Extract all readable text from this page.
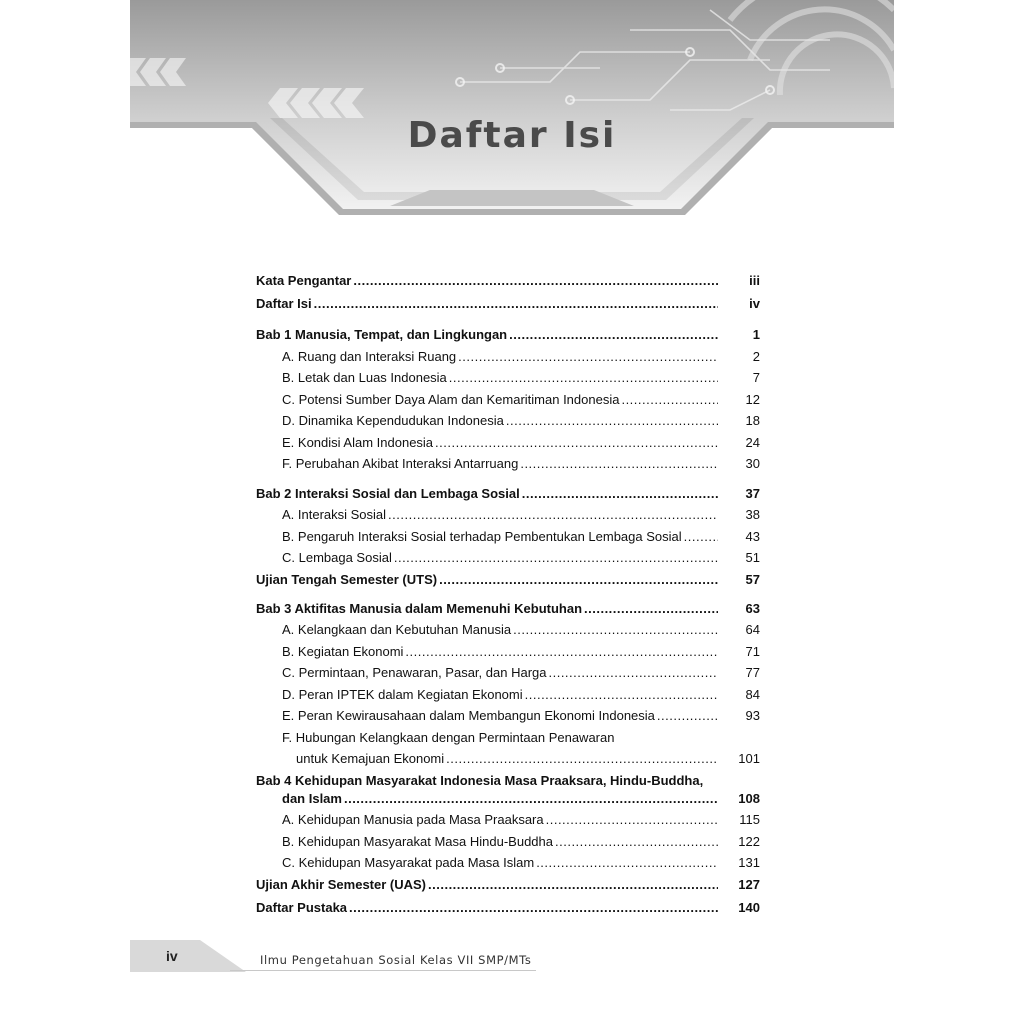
Daftar Isi
Kata Pengantar .....	iii
Daftar Isi .....	iv
Bab 1 Manusia, Tempat, dan Lingkungan .....	1
A. Ruang dan Interaksi Ruang .....	2
B. Letak dan Luas Indonesia .....	7
C. Potensi Sumber Daya Alam dan Kemaritiman Indonesia .....	12
D. Dinamika Kependudukan Indonesia .....	18
E. Kondisi Alam Indonesia .....	24
F. Perubahan Akibat Interaksi Antarruang .....	30
Bab 2 Interaksi Sosial dan Lembaga Sosial .....	37
A. Interaksi Sosial .....	38
B. Pengaruh Interaksi Sosial terhadap Pembentukan Lembaga Sosial .....	43
C. Lembaga Sosial .....	51
Ujian Tengah Semester (UTS) .....	57
Bab 3 Aktifitas Manusia dalam Memenuhi Kebutuhan .....	63
A. Kelangkaan dan Kebutuhan Manusia .....	64
B. Kegiatan Ekonomi .....	71
C. Permintaan, Penawaran, Pasar, dan Harga .....	77
D. Peran IPTEK dalam Kegiatan Ekonomi .....	84
E. Peran Kewirausahaan dalam Membangun Ekonomi Indonesia .....	93
F. Hubungan Kelangkaan dengan Permintaan Penawaran
untuk Kemajuan Ekonomi .....	101
Bab 4 Kehidupan Masyarakat Indonesia Masa Praaksara, Hindu-Buddha,
dan Islam .....	108
A. Kehidupan Manusia pada Masa Praaksara .....	115
B. Kehidupan Masyarakat Masa Hindu-Buddha .....	122
C. Kehidupan Masyarakat pada Masa Islam .....	131
Ujian Akhir Semester (UAS) .....	127
Daftar Pustaka .....	140
iv	Ilmu Pengetahuan Sosial Kelas VII SMP/MTs
